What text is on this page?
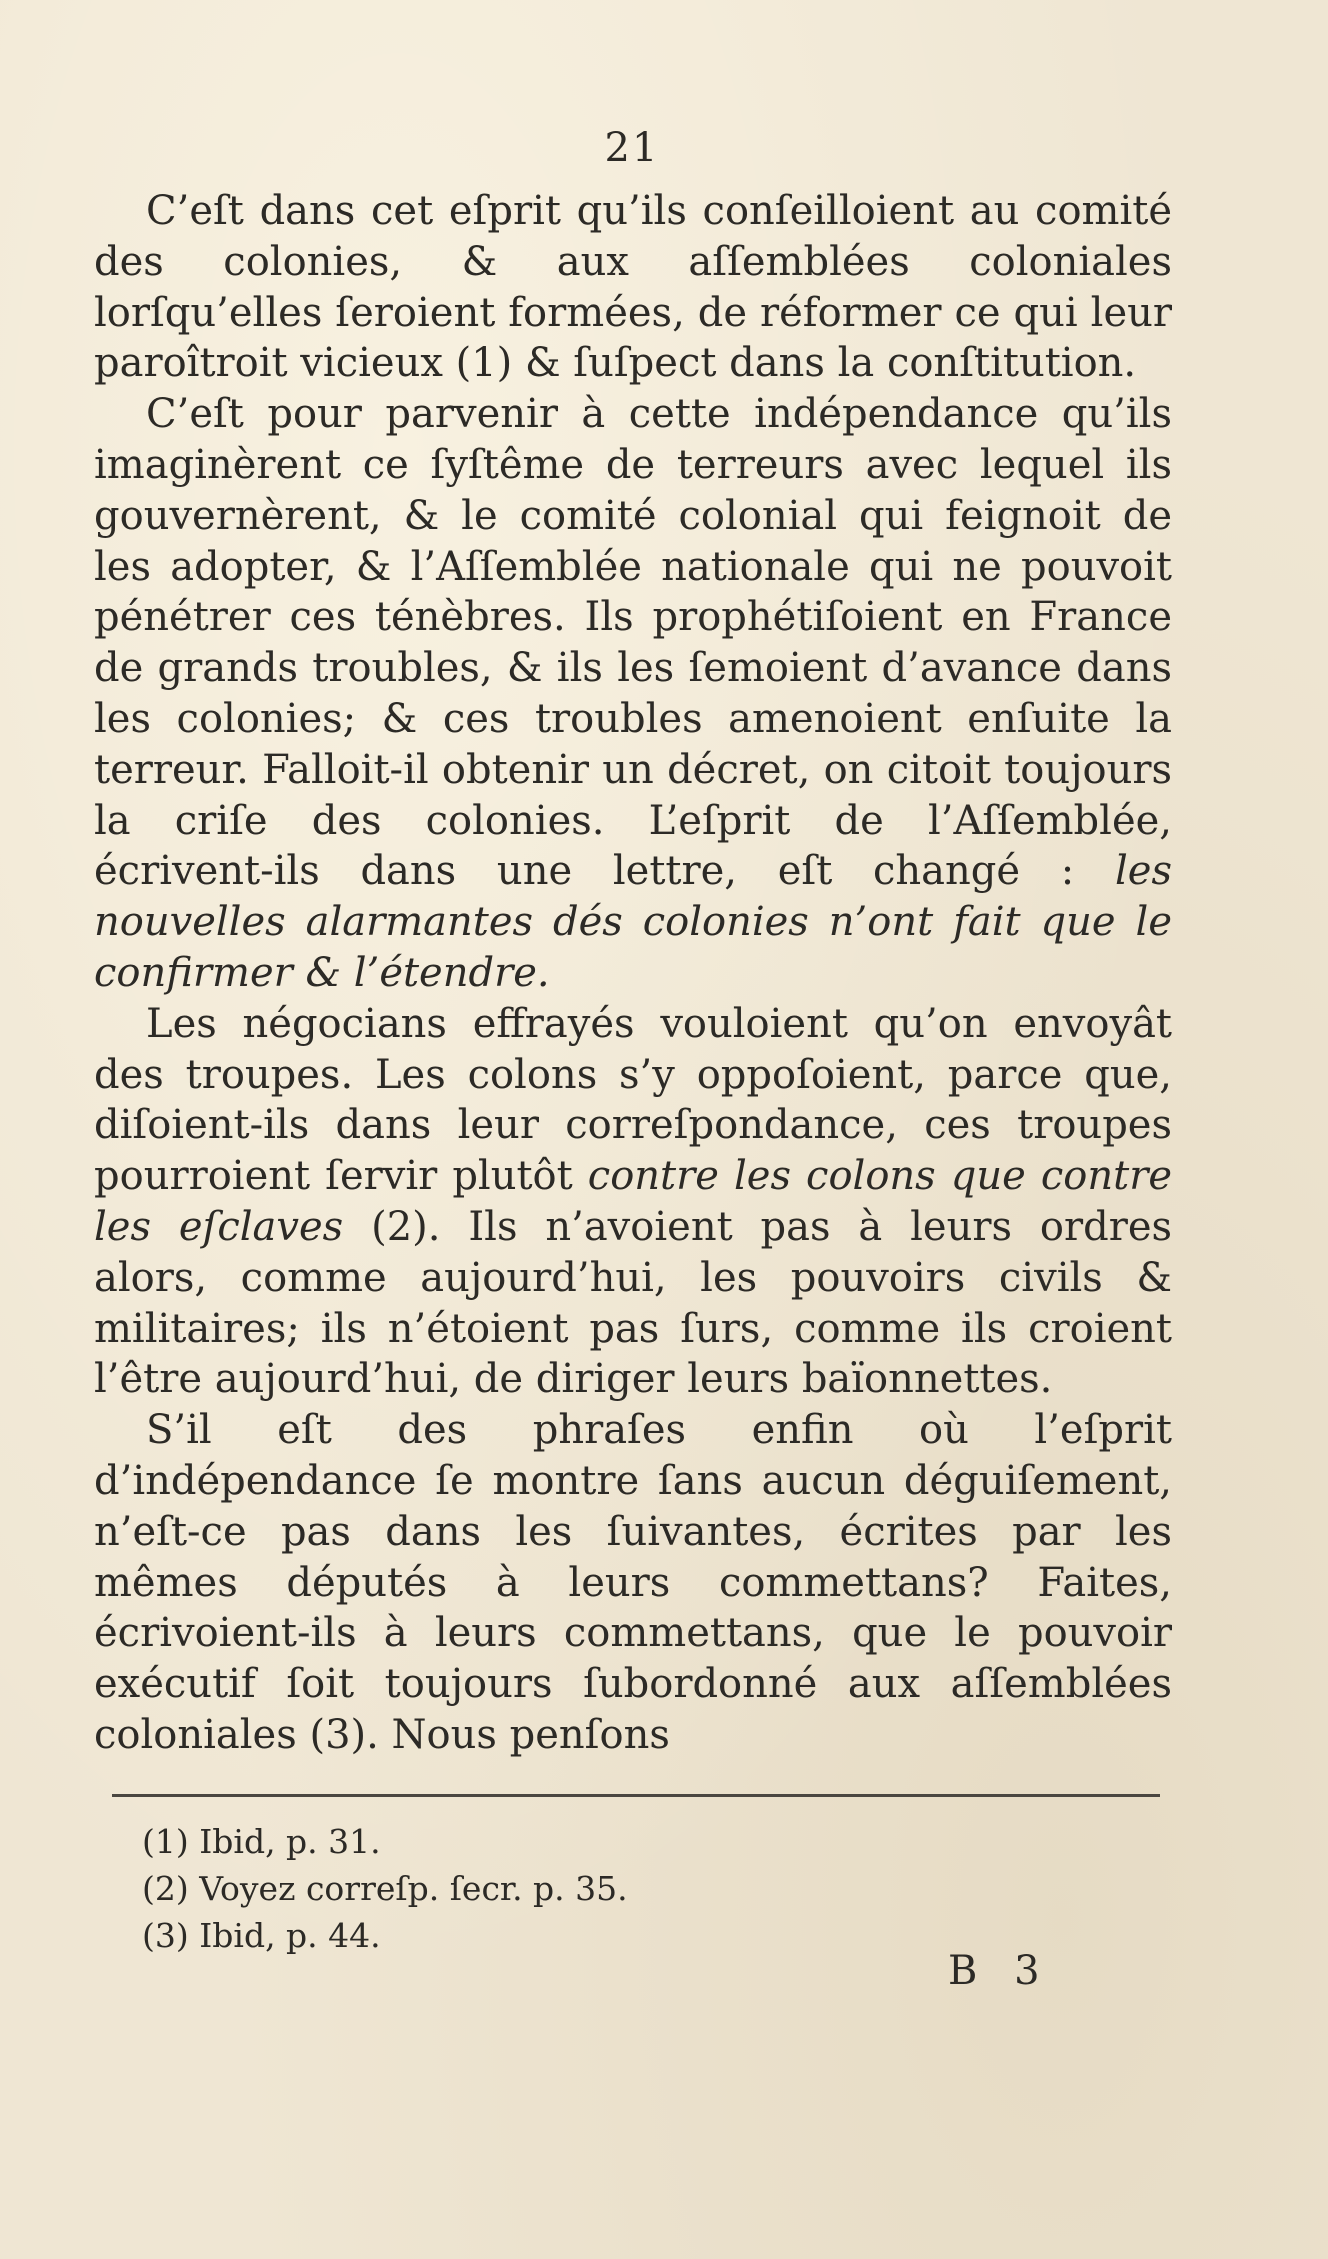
21

C’eſt dans cet eſprit qu’ils conſeilloient au comité des colonies, & aux aſſemblées coloniales lorſqu’elles ſeroient formées, de réformer ce qui leur paroîtroit vicieux (1) & ſuſpect dans la conſtitution.

C’eſt pour parvenir à cette indépendance qu’ils imaginèrent ce ſyſtême de terreurs avec lequel ils gouvernèrent, & le comité colonial qui feignoit de les adopter, & l’Aſſemblée nationale qui ne pouvoit pénétrer ces ténèbres. Ils prophétiſoient en France de grands troubles, & ils les ſemoient d’avance dans les colonies; & ces troubles amenoient enſuite la terreur. Falloit-il obtenir un décret, on citoit toujours la criſe des colonies. L’eſprit de l’Aſſemblée, écrivent-ils dans une lettre, eſt changé : les nouvelles alarmantes dés colonies n’ont fait que le confirmer & l’étendre.

Les négocians effrayés vouloient qu’on envoyât des troupes. Les colons s’y oppoſoient, parce que, diſoient-ils dans leur correſpondance, ces troupes pourroient ſervir plutôt contre les colons que contre les eſclaves (2). Ils n’avoient pas à leurs ordres alors, comme aujourd’hui, les pouvoirs civils & militaires; ils n’étoient pas ſurs, comme ils croient l’être aujourd’hui, de diriger leurs baïonnettes.

S’il eſt des phraſes enfin où l’eſprit d’indépendance ſe montre ſans aucun déguiſement, n’eſt-ce pas dans les ſuivantes, écrites par les mêmes députés à leurs commettans? Faites, écrivoient-ils à leurs commettans, que le pouvoir exécutif ſoit toujours ſubordonné aux aſſemblées coloniales (3). Nous penſons

(1) Ibid, p. 31.

(2) Voyez correſp. ſecr. p. 35.

(3) Ibid, p. 44.

B 3
